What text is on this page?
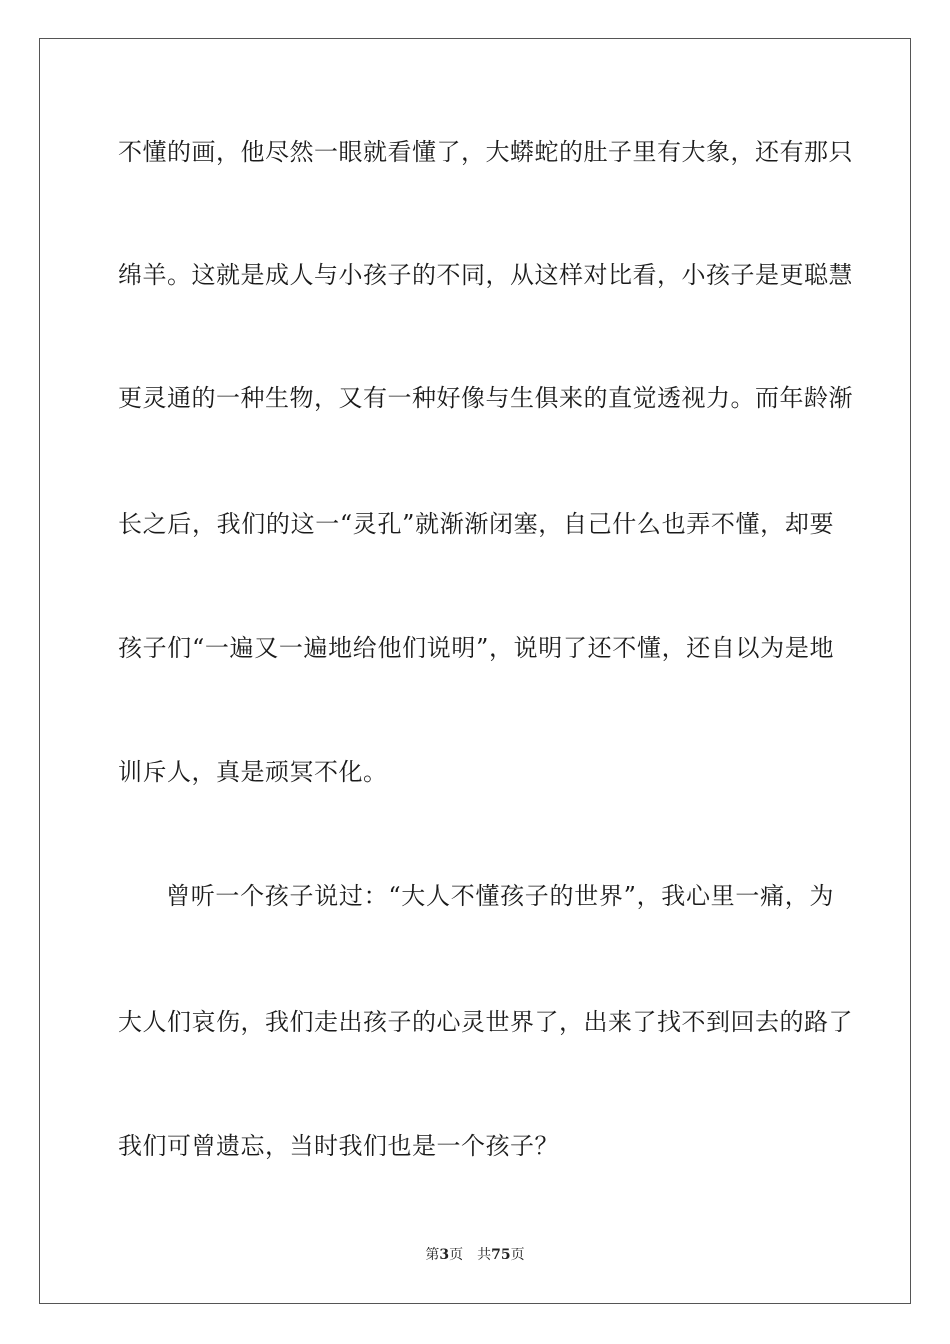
不懂的画，他尽然一眼就看懂了，大蟒蛇的肚子里有大象，还有那只
绵羊。这就是成人与小孩子的不同，从这样对比看，小孩子是更聪慧
更灵通的一种生物，又有一种好像与生俱来的直觉透视力。而年龄渐
长之后，我们的这一“灵孔”就渐渐闭塞，自己什么也弄不懂，却要
孩子们“一遍又一遍地给他们说明”，说明了还不懂，还自以为是地
训斥人，真是顽冥不化。
曾听一个孩子说过：“大人不懂孩子的世界”，我心里一痛，为
大人们哀伤，我们走出孩子的心灵世界了，出来了找不到回去的路了
我们可曾遗忘，当时我们也是一个孩子？
第3页 共75页
